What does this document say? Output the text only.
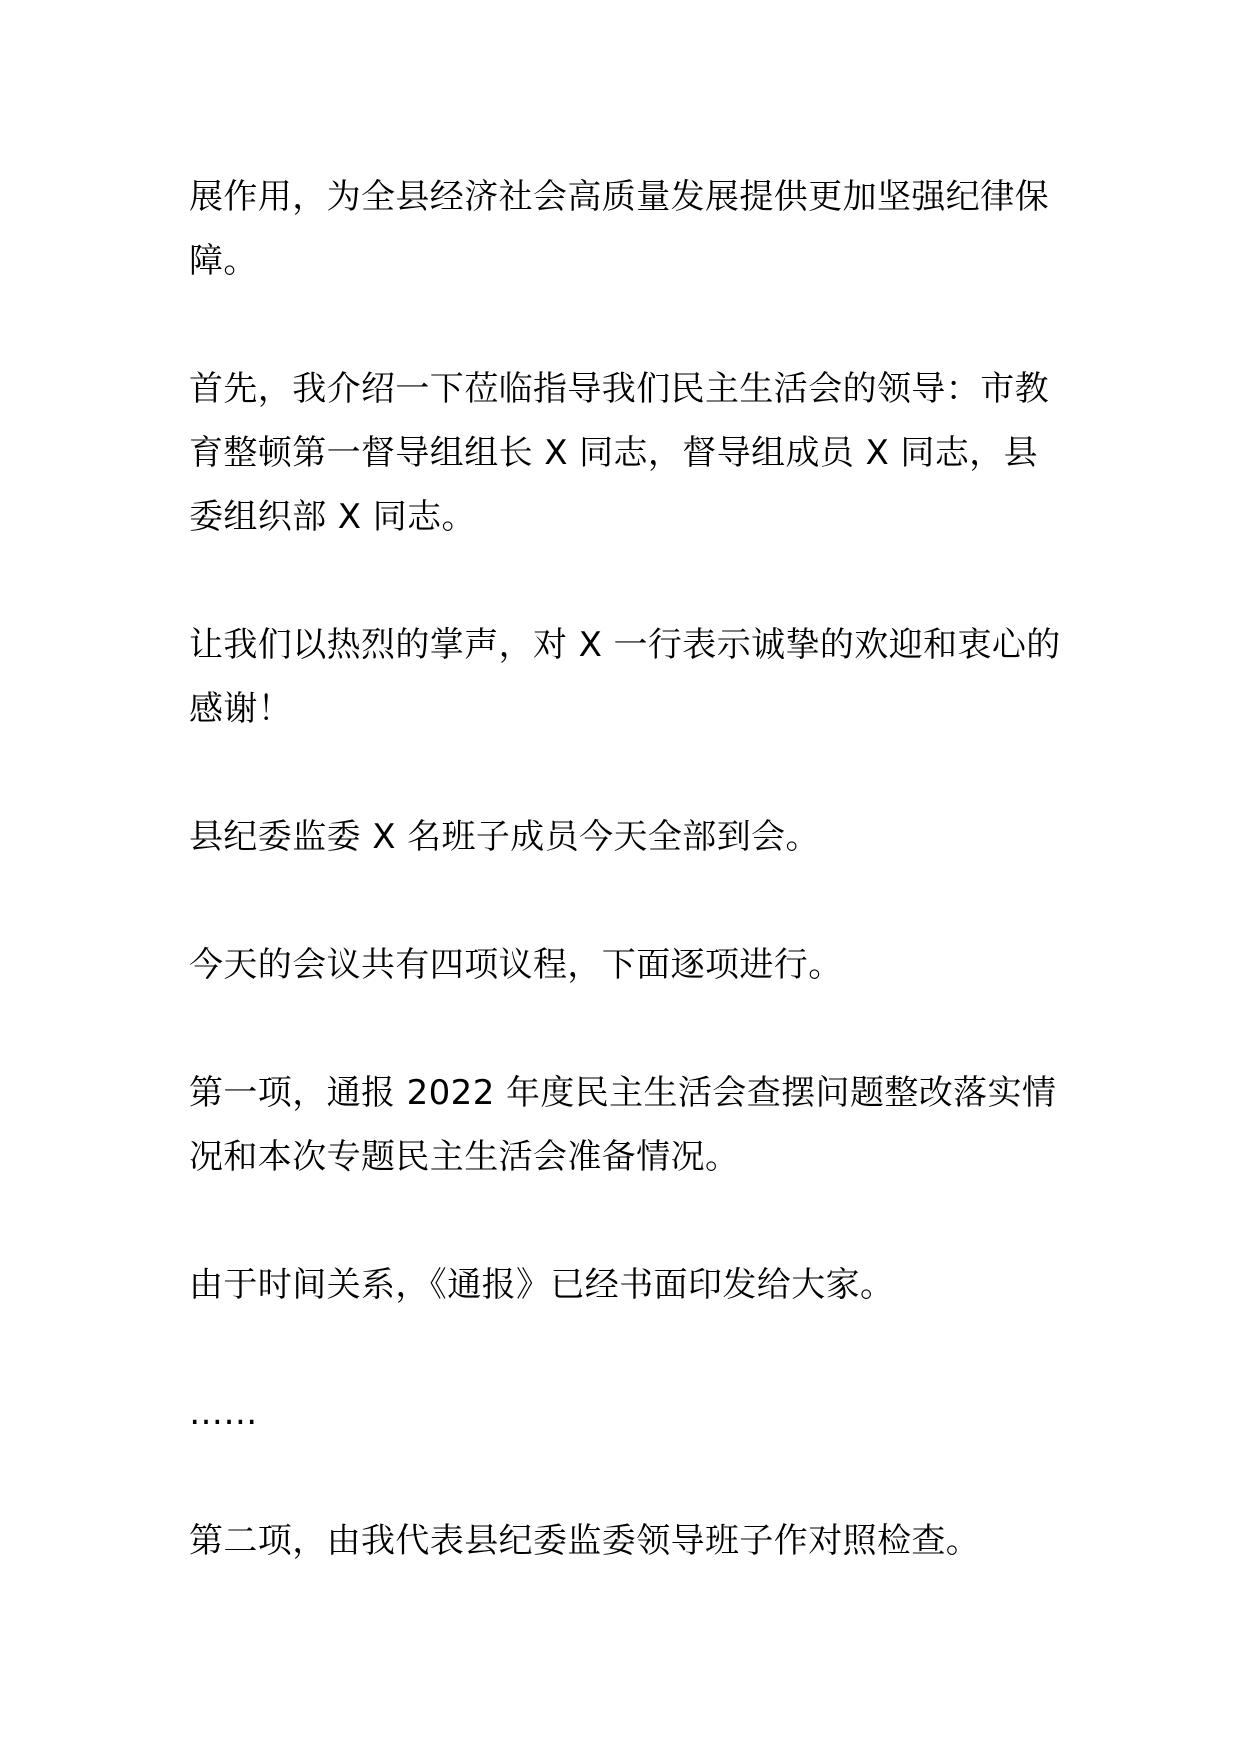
展作用，为全县经济社会高质量发展提供更加坚强纪律保障。

首先，我介绍一下莅临指导我们民主生活会的领导：市教育整顿第一督导组组长 X 同志，督导组成员 X 同志，县委组织部 X 同志。

让我们以热烈的掌声，对 X 一行表示诚挚的欢迎和衷心的感谢！

县纪委监委 X 名班子成员今天全部到会。

今天的会议共有四项议程，下面逐项进行。

第一项，通报 2022 年度民主生活会查摆问题整改落实情况和本次专题民主生活会准备情况。

由于时间关系，《通报》已经书面印发给大家。

……

第二项，由我代表县纪委监委领导班子作对照检查。
